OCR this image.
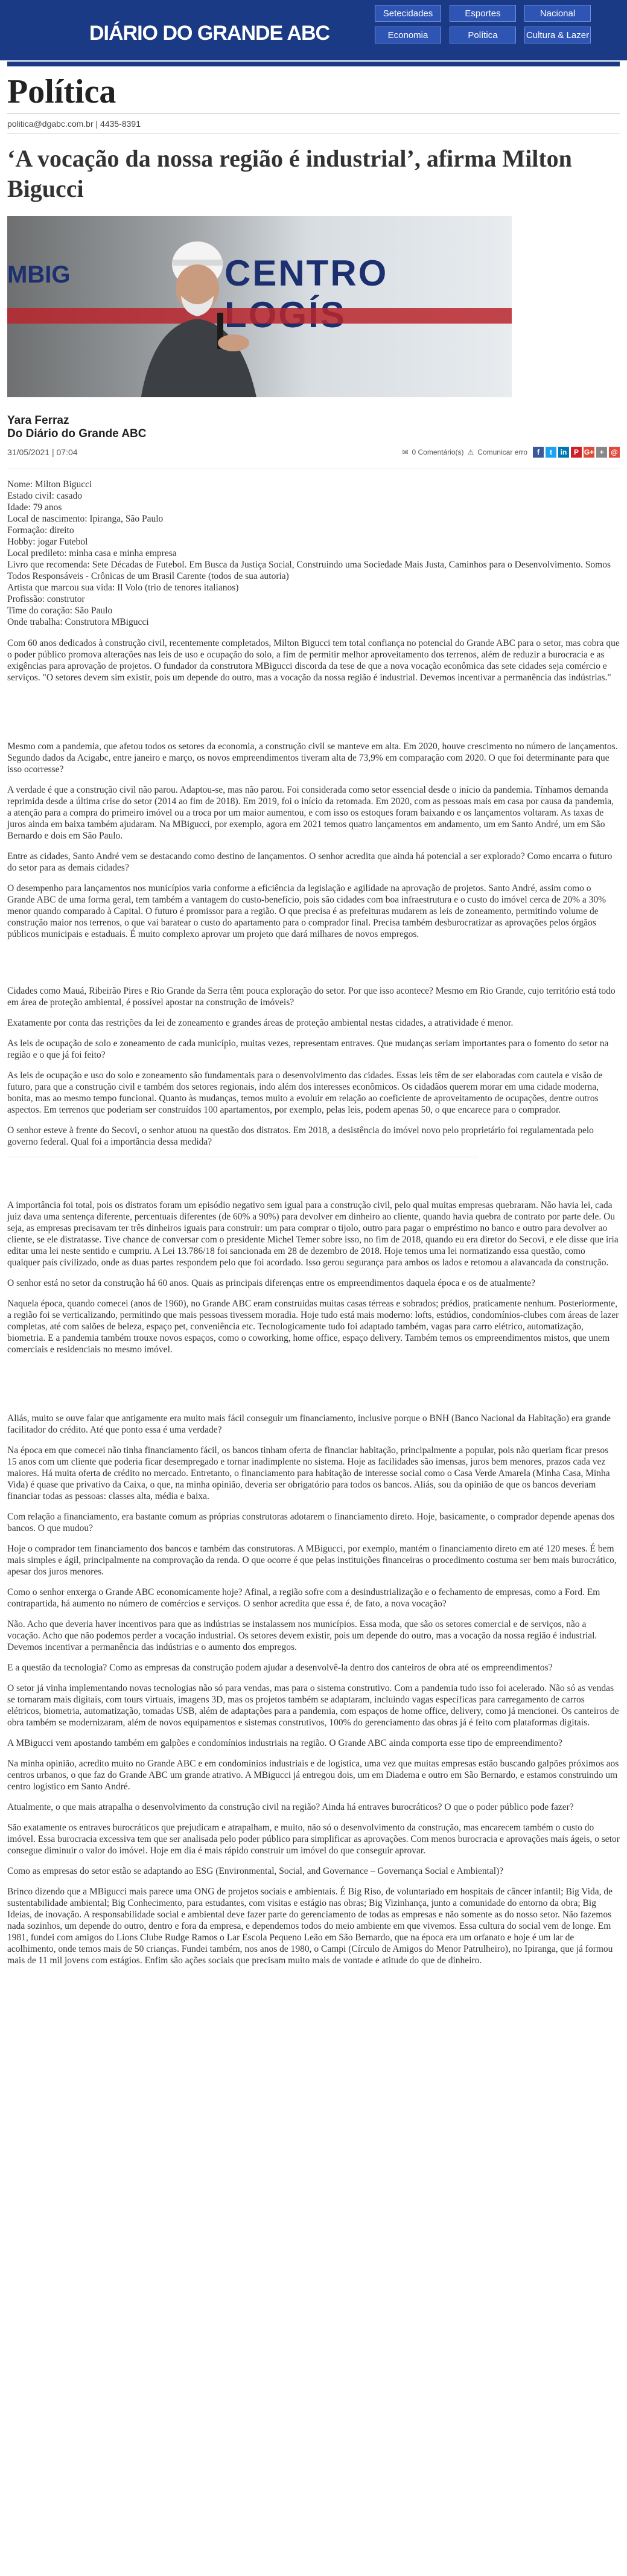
DIÁRIO DO GRANDE ABC
Setecidades	Esportes	Nacional
Economia	Política	Cultura & Lazer
Política
politica@dgabc.com.br | 4435-8391
‘A vocação da nossa região é industrial’, afirma Milton Bigucci
MBIG	CENTRO
Yara Ferraz
Do Diário do Grande ABC
31/05/2021 | 07:04	✉ 0 Comentário(s) ⚠ Comunicar erro	f t in P G+ + @
Nome: Milton Bigucci
Estado civil: casado
Idade: 79 anos
Local de nascimento: Ipiranga, São Paulo
Formação: direito
Hobby: jogar Futebol
Local predileto: minha casa e minha empresa
Livro que recomenda: Sete Décadas de Futebol. Em Busca da Justiça Social, Construindo uma Sociedade Mais Justa, Caminhos para o Desenvolvimento. Somos Todos Responsáveis - Crônicas de um Brasil Carente (todos de sua autoria)
Artista que marcou sua vida: Il Volo (trio de tenores italianos)
Profissão: construtor
Time do coração: São Paulo
Onde trabalha: Construtora MBigucci

Com 60 anos dedicados à construção civil, recentemente completados, Milton Bigucci tem total confiança no potencial do Grande ABC para o setor, mas cobra que o poder público promova alterações nas leis de uso e ocupação do solo, a fim de permitir melhor aproveitamento dos terrenos, além de reduzir a burocracia e as exigências para aprovação de projetos. O fundador da construtora MBigucci discorda da tese de que a nova vocação econômica das sete cidades seja comércio e serviços. "O setores devem sim existir, pois um depende do outro, mas a vocação da nossa região é industrial. Devemos incentivar a permanência das indústrias."

Mesmo com a pandemia, que afetou todos os setores da economia, a construção civil se manteve em alta. Em 2020, houve crescimento no número de lançamentos. Segundo dados da Acigabc, entre janeiro e março, os novos empreendimentos tiveram alta de 73,9% em comparação com 2020. O que foi determinante para que isso ocorresse?

A verdade é que a construção civil não parou. Adaptou-se, mas não parou. Foi considerada como setor essencial desde o início da pandemia. Tínhamos demanda reprimida desde a última crise do setor (2014 ao fim de 2018). Em 2019, foi o início da retomada. Em 2020, com as pessoas mais em casa por causa da pandemia, a atenção para a compra do primeiro imóvel ou a troca por um maior aumentou, e com isso os estoques foram baixando e os lançamentos voltaram. As taxas de juros ainda em baixa também ajudaram. Na MBigucci, por exemplo, agora em 2021 temos quatro lançamentos em andamento, um em Santo André, um em São Bernardo e dois em São Paulo.

Entre as cidades, Santo André vem se destacando como destino de lançamentos. O senhor acredita que ainda há potencial a ser explorado? Como encarra o futuro do setor para as demais cidades?

O desempenho para lançamentos nos municípios varia conforme a eficiência da legislação e agilidade na aprovação de projetos. Santo André, assim como o Grande ABC de uma forma geral, tem também a vantagem do custo-benefício, pois são cidades com boa infraestrutura e o custo do imóvel cerca de 20% a 30% menor quando comparado à Capital. O futuro é promissor para a região. O que precisa é as prefeituras mudarem as leis de zoneamento, permitindo volume de construção maior nos terrenos, o que vai baratear o custo do apartamento para o comprador final. Precisa também desburocratizar as aprovações pelos órgãos públicos municipais e estaduais. É muito complexo aprovar um projeto que dará milhares de novos empregos.

Cidades como Mauá, Ribeirão Pires e Rio Grande da Serra têm pouca exploração do setor. Por que isso acontece? Mesmo em Rio Grande, cujo território está todo em área de proteção ambiental, é possível apostar na construção de imóveis?

Exatamente por conta das restrições da lei de zoneamento e grandes áreas de proteção ambiental nestas cidades, a atratividade é menor.

As leis de ocupação de solo e zoneamento de cada município, muitas vezes, representam entraves. Que mudanças seriam importantes para o fomento do setor na região e o que já foi feito?

As leis de ocupação e uso do solo e zoneamento são fundamentais para o desenvolvimento das cidades. Essas leis têm de ser elaboradas com cautela e visão de futuro, para que a construção civil e também dos setores regionais, indo além dos interesses econômicos. Os cidadãos querem morar em uma cidade moderna, bonita, mas ao mesmo tempo funcional. Quanto às mudanças, temos muito a evoluir em relação ao coeficiente de aproveitamento de ocupações, dentre outros aspectos. Em terrenos que poderiam ser construídos 100 apartamentos, por exemplo, pelas leis, podem apenas 50, o que encarece para o comprador.

O senhor esteve à frente do Secovi, o senhor atuou na questão dos distratos. Em 2018, a desistência do imóvel novo pelo proprietário foi regulamentada pelo governo federal. Qual foi a importância dessa medida?

A importância foi total, pois os distratos foram um episódio negativo sem igual para a construção civil, pelo qual muitas empresas quebraram. Não havia lei, cada juiz dava uma sentença diferente, percentuais diferentes (de 60% a 90%) para devolver em dinheiro ao cliente, quando havia quebra de contrato por parte dele. Ou seja, as empresas precisavam ter três dinheiros iguais para construir: um para comprar o tijolo, outro para pagar o empréstimo no banco e outro para devolver ao cliente, se ele distratasse. Tive chance de conversar com o presidente Michel Temer sobre isso, no fim de 2018, quando eu era diretor do Secovi, e ele disse que iria editar uma lei neste sentido e cumpriu. A Lei 13.786/18 foi sancionada em 28 de dezembro de 2018. Hoje temos uma lei normatizando essa questão, como qualquer país civilizado, onde as duas partes respondem pelo que foi acordado. Isso gerou segurança para ambos os lados e retomou a alavancada da construção.

O senhor está no setor da construção há 60 anos. Quais as principais diferenças entre os empreendimentos daquela época e os de atualmente?

Naquela época, quando comecei (anos de 1960), no Grande ABC eram construídas muitas casas térreas e sobrados; prédios, praticamente nenhum. Posteriormente, a região foi se verticalizando, permitindo que mais pessoas tivessem moradia. Hoje tudo está mais moderno: lofts, estúdios, condomínios-clubes com áreas de lazer completas, até com salões de beleza, espaço pet, conveniência etc. Tecnologicamente tudo foi adaptado também, vagas para carro elétrico, automatização, biometria. E a pandemia também trouxe novos espaços, como o coworking, home office, espaço delivery. Também temos os empreendimentos mistos, que unem comerciais e residenciais no mesmo imóvel.

Aliás, muito se ouve falar que antigamente era muito mais fácil conseguir um financiamento, inclusive porque o BNH (Banco Nacional da Habitação) era grande facilitador do crédito. Até que ponto essa é uma verdade?

Na época em que comecei não tinha financiamento fácil, os bancos tinham oferta de financiar habitação, principalmente a popular, pois não queriam ficar presos 15 anos com um cliente que poderia ficar desempregado e tornar inadimplente no sistema. Hoje as facilidades são imensas, juros bem menores, prazos cada vez maiores. Há muita oferta de crédito no mercado. Entretanto, o financiamento para habitação de interesse social como o Casa Verde Amarela (Minha Casa, Minha Vida) é quase que privativo da Caixa, o que, na minha opinião, deveria ser obrigatório para todos os bancos. Aliás, sou da opinião de que os bancos deveriam financiar todas as pessoas: classes alta, média e baixa.

Com relação a financiamento, era bastante comum as próprias construtoras adotarem o financiamento direto. Hoje, basicamente, o comprador depende apenas dos bancos. O que mudou?

Hoje o comprador tem financiamento dos bancos e também das construtoras. A MBigucci, por exemplo, mantém o financiamento direto em até 120 meses. É bem mais simples e ágil, principalmente na comprovação da renda. O que ocorre é que pelas instituições financeiras o procedimento costuma ser bem mais burocrático, apesar dos juros menores.

Como o senhor enxerga o Grande ABC economicamente hoje? Afinal, a região sofre com a desindustrialização e o fechamento de empresas, como a Ford. Em contrapartida, há aumento no número de comércios e serviços. O senhor acredita que essa é, de fato, a nova vocação?

Não. Acho que deveria haver incentivos para que as indústrias se instalassem nos municípios. Essa moda, que são os setores comercial e de serviços, não a vocação. Acho que não podemos perder a vocação industrial. Os setores devem existir, pois um depende do outro, mas a vocação da nossa região é industrial. Devemos incentivar a permanência das indústrias e o aumento dos empregos.

E a questão da tecnologia? Como as empresas da construção podem ajudar a desenvolvê-la dentro dos canteiros de obra até os empreendimentos?

O setor já vinha implementando novas tecnologias não só para vendas, mas para o sistema construtivo. Com a pandemia tudo isso foi acelerado. Não só as vendas se tornaram mais digitais, com tours virtuais, imagens 3D, mas os projetos também se adaptaram, incluindo vagas específicas para carregamento de carros elétricos, biometria, automatização, tomadas USB, além de adaptações para a pandemia, com espaços de home office, delivery, como já mencionei. Os canteiros de obra também se modernizaram, além de novos equipamentos e sistemas construtivos, 100% do gerenciamento das obras já é feito com plataformas digitais.

A MBigucci vem apostando também em galpões e condomínios industriais na região. O Grande ABC ainda comporta esse tipo de empreendimento?

Na minha opinião, acredito muito no Grande ABC e em condomínios industriais e de logística, uma vez que muitas empresas estão buscando galpões próximos aos centros urbanos, o que faz do Grande ABC um grande atrativo. A MBigucci já entregou dois, um em Diadema e outro em São Bernardo, e estamos construindo um centro logístico em Santo André.

Atualmente, o que mais atrapalha o desenvolvimento da construção civil na região? Ainda há entraves burocráticos? O que o poder público pode fazer?

São exatamente os entraves burocráticos que prejudicam e atrapalham, e muito, não só o desenvolvimento da construção, mas encarecem também o custo do imóvel. Essa burocracia excessiva tem que ser analisada pelo poder público para simplificar as aprovações. Com menos burocracia e aprovações mais ágeis, o setor consegue diminuir o valor do imóvel. Hoje em dia é mais rápido construir um imóvel do que conseguir aprovar.

Como as empresas do setor estão se adaptando ao ESG (Environmental, Social, and Governance – Governança Social e Ambiental)?

Brinco dizendo que a MBigucci mais parece uma ONG de projetos sociais e ambientais. É Big Riso, de voluntariado em hospitais de câncer infantil; Big Vida, de sustentabilidade ambiental; Big Conhecimento, para estudantes, com visitas e estágio nas obras; Big Vizinhança, junto a comunidade do entorno da obra; Big Ideias, de inovação. A responsabilidade social e ambiental deve fazer parte do gerenciamento de todas as empresas e não somente as do nosso setor. Não fazemos nada sozinhos, um depende do outro, dentro e fora da empresa, e dependemos todos do meio ambiente em que vivemos. Essa cultura do social vem de longe. Em 1981, fundei com amigos do Lions Clube Rudge Ramos o Lar Escola Pequeno Leão em São Bernardo, que na época era um orfanato e hoje é um lar de acolhimento, onde temos mais de 50 crianças. Fundei também, nos anos de 1980, o Campi (Círculo de Amigos do Menor Patrulheiro), no Ipiranga, que já formou mais de 11 mil jovens com estágios. Enfim são ações sociais que precisam muito mais de vontade e atitude do que de dinheiro.
